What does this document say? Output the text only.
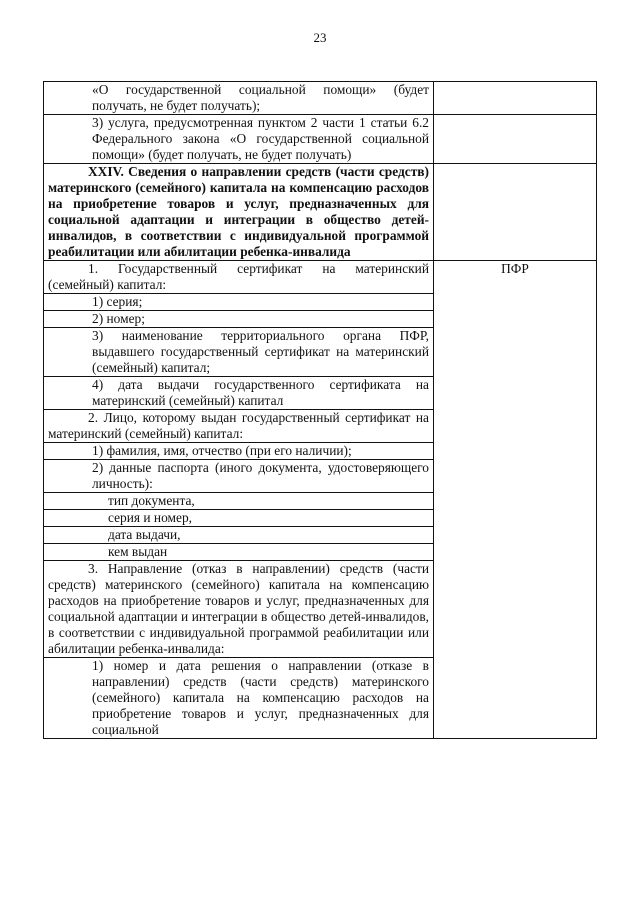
23
«О государственной социальной помощи» (будет получать, не будет получать);	
3) услуга, предусмотренная пунктом 2 части 1 статьи 6.2 Федерального закона «О государственной социальной помощи» (будет получать, не будет получать)	
XXIV. Сведения о направлении средств (части средств) материнского (семейного) капитала на компенсацию расходов на приобретение товаров и услуг, предназначенных для социальной адаптации и интеграции в общество детей-инвалидов, в соответствии с индивидуальной программой реабилитации или абилитации ребенка-инвалида	
1. Государственный сертификат на материнский (семейный) капитал:	ПФР
1) серия;	
2) номер;	
3) наименование территориального органа ПФР, выдавшего государственный сертификат на материнский (семейный) капитал;	
4) дата выдачи государственного сертификата на материнский (семейный) капитал	
2. Лицо, которому выдан государственный сертификат на материнский (семейный) капитал:	
1) фамилия, имя, отчество (при его наличии);	
2) данные паспорта (иного документа, удостоверяющего личность):	
тип документа,	
серия и номер,	
дата выдачи,	
кем выдан	
3. Направление (отказ в направлении) средств (части средств) материнского (семейного) капитала на компенсацию расходов на приобретение товаров и услуг, предназначенных для социальной адаптации и интеграции в общество детей-инвалидов, в соответствии с индивидуальной программой реабилитации или абилитации ребенка-инвалида:	
1) номер и дата решения о направлении (отказе в направлении) средств (части средств) материнского (семейного) капитала на компенсацию расходов на приобретение товаров и услуг, предназначенных для социальной	
